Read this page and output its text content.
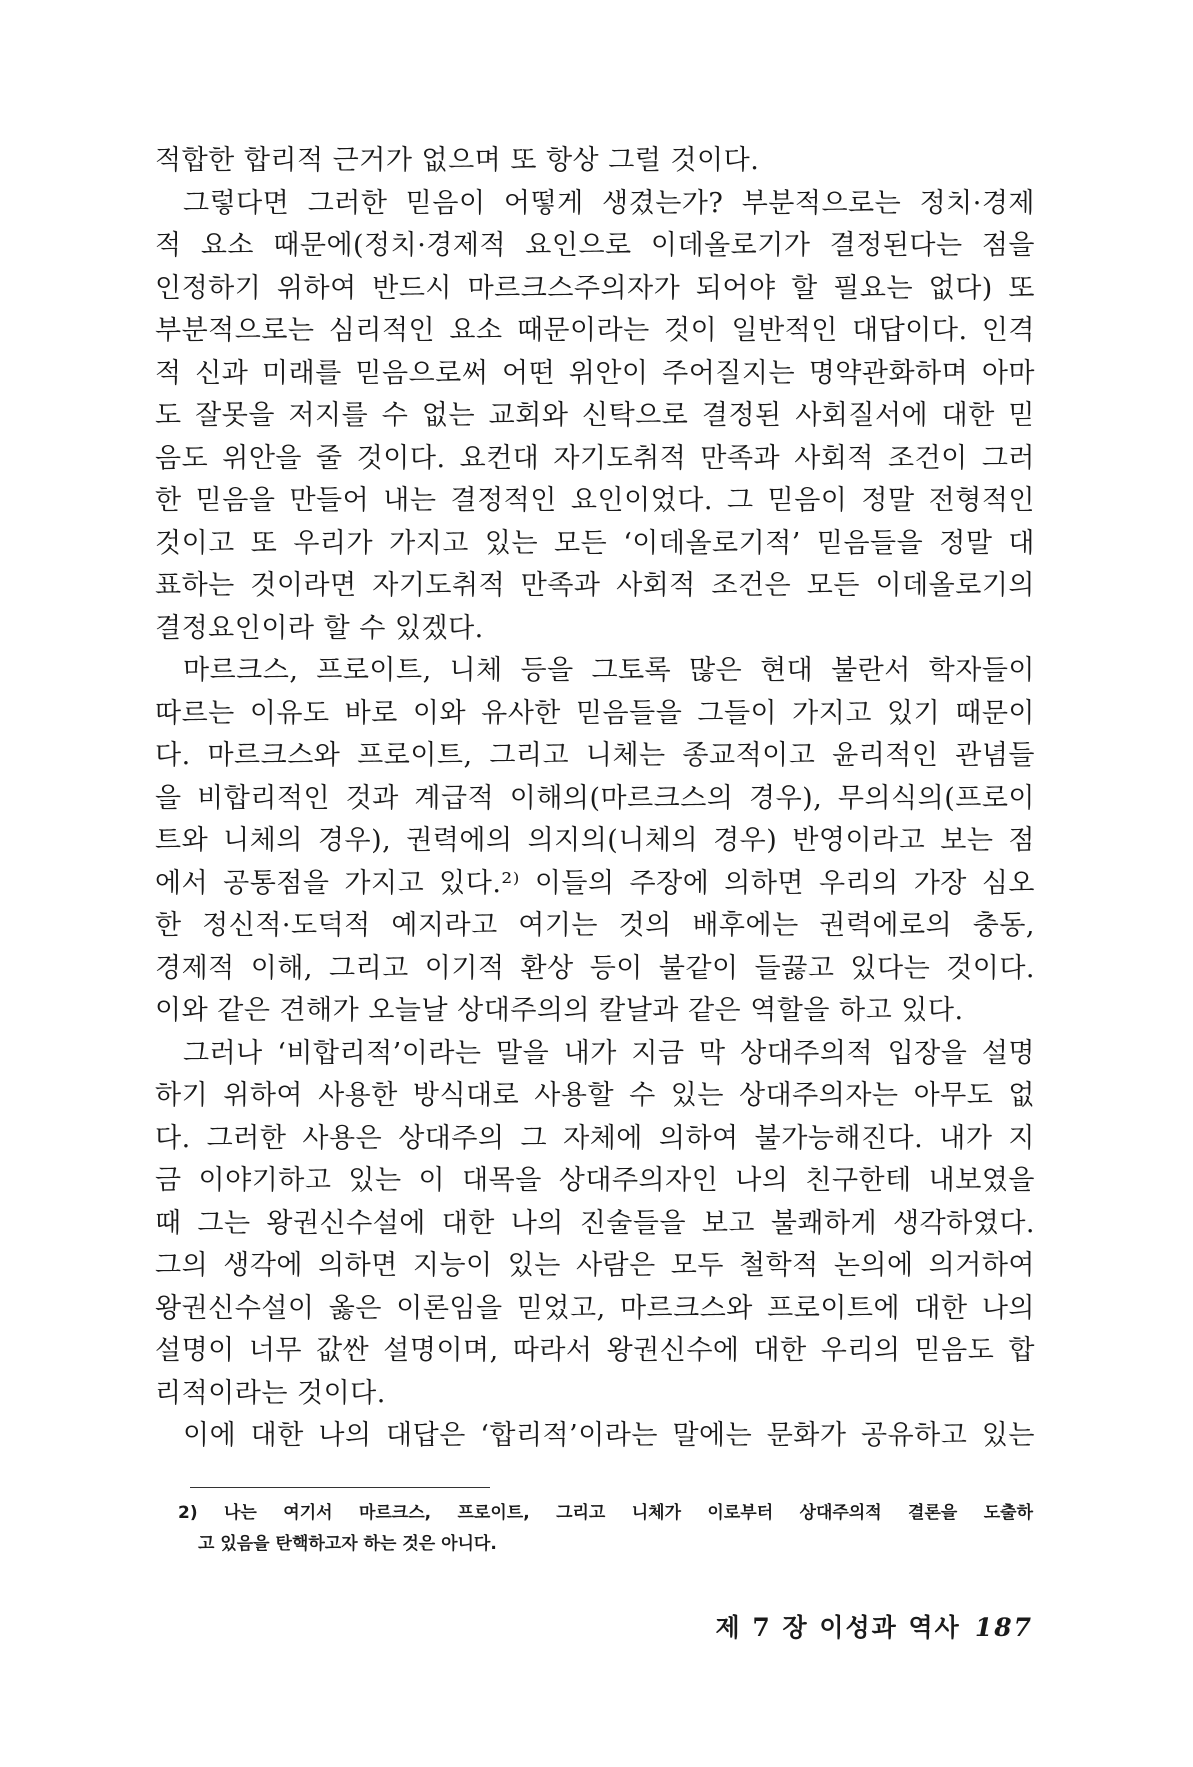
적합한 합리적 근거가 없으며 또 항상 그럴 것이다.
그렇다면 그러한 믿음이 어떻게 생겼는가? 부분적으로는 정치·경제
적 요소 때문에(정치·경제적 요인으로 이데올로기가 결정된다는 점을
인정하기 위하여 반드시 마르크스주의자가 되어야 할 필요는 없다) 또
부분적으로는 심리적인 요소 때문이라는 것이 일반적인 대답이다. 인격
적 신과 미래를 믿음으로써 어떤 위안이 주어질지는 명약관화하며 아마
도 잘못을 저지를 수 없는 교회와 신탁으로 결정된 사회질서에 대한 믿
음도 위안을 줄 것이다. 요컨대 자기도취적 만족과 사회적 조건이 그러
한 믿음을 만들어 내는 결정적인 요인이었다. 그 믿음이 정말 전형적인
것이고 또 우리가 가지고 있는 모든 ‘이데올로기적’ 믿음들을 정말 대
표하는 것이라면 자기도취적 만족과 사회적 조건은 모든 이데올로기의
결정요인이라 할 수 있겠다.
마르크스, 프로이트, 니체 등을 그토록 많은 현대 불란서 학자들이
따르는 이유도 바로 이와 유사한 믿음들을 그들이 가지고 있기 때문이
다. 마르크스와 프로이트, 그리고 니체는 종교적이고 윤리적인 관념들
을 비합리적인 것과 계급적 이해의(마르크스의 경우), 무의식의(프로이
트와 니체의 경우), 권력에의 의지의(니체의 경우) 반영이라고 보는 점
에서 공통점을 가지고 있다.²⁾ 이들의 주장에 의하면 우리의 가장 심오
한 정신적·도덕적 예지라고 여기는 것의 배후에는 권력에로의 충동,
경제적 이해, 그리고 이기적 환상 등이 불같이 들끓고 있다는 것이다.
이와 같은 견해가 오늘날 상대주의의 칼날과 같은 역할을 하고 있다.
그러나 ‘비합리적’이라는 말을 내가 지금 막 상대주의적 입장을 설명
하기 위하여 사용한 방식대로 사용할 수 있는 상대주의자는 아무도 없
다. 그러한 사용은 상대주의 그 자체에 의하여 불가능해진다. 내가 지
금 이야기하고 있는 이 대목을 상대주의자인 나의 친구한테 내보였을
때 그는 왕권신수설에 대한 나의 진술들을 보고 불쾌하게 생각하였다.
그의 생각에 의하면 지능이 있는 사람은 모두 철학적 논의에 의거하여
왕권신수설이 옳은 이론임을 믿었고, 마르크스와 프로이트에 대한 나의
설명이 너무 값싼 설명이며, 따라서 왕권신수에 대한 우리의 믿음도 합
리적이라는 것이다.
이에 대한 나의 대답은 ‘합리적’이라는 말에는 문화가 공유하고 있는
2) 나는 여기서 마르크스, 프로이트, 그리고 니체가 이로부터 상대주의적 결론을 도출하
고 있음을 탄핵하고자 하는 것은 아니다.
제 7 장 이성과 역사 187
